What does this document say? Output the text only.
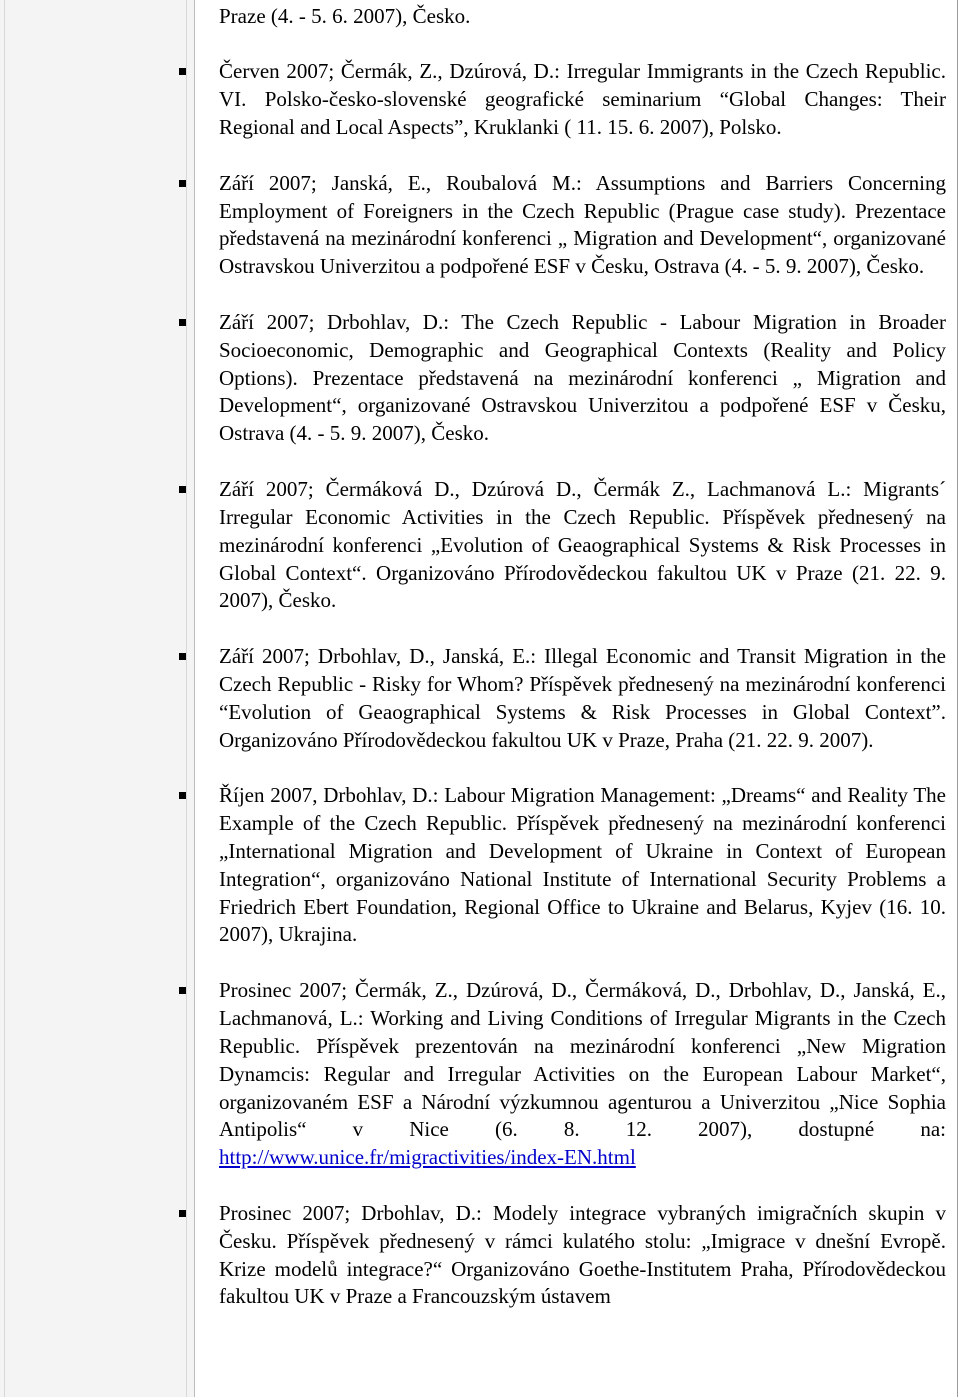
Praze (4. - 5. 6. 2007), Česko.

Červen 2007; Čermák, Z., Dzúrová, D.: Irregular Immigrants in the Czech Republic. VI. Polsko-česko-slovenské geografické seminarium “Global Changes: Their Regional and Local Aspects”, Kruklanki ( 11. 15. 6. 2007), Polsko.

Září 2007; Janská, E., Roubalová M.: Assumptions and Barriers Concerning Employment of Foreigners in the Czech Republic (Prague case study). Prezentace představená na mezinárodní konferenci „ Migration and Development“, organizované Ostravskou Univerzitou a podpořené ESF v Česku, Ostrava (4. - 5. 9. 2007), Česko.

Září 2007; Drbohlav, D.: The Czech Republic - Labour Migration in Broader Socioeconomic, Demographic and Geographical Contexts (Reality and Policy Options). Prezentace představená na mezinárodní konferenci „ Migration and Development“, organizované Ostravskou Univerzitou a podpořené ESF v Česku, Ostrava (4. - 5. 9. 2007), Česko.

Září 2007; Čermáková D., Dzúrová D., Čermák Z., Lachmanová L.: Migrants´ Irregular Economic Activities in the Czech Republic. Příspěvek přednesený na mezinárodní konferenci „Evolution of Geaographical Systems & Risk Processes in Global Context“. Organizováno Přírodovědeckou fakultou UK v Praze (21. 22. 9. 2007), Česko.

Září 2007; Drbohlav, D., Janská, E.: Illegal Economic and Transit Migration in the Czech Republic - Risky for Whom? Příspěvek přednesený na mezinárodní konferenci “Evolution of Geaographical Systems & Risk Processes in Global Context”. Organizováno Přírodovědeckou fakultou UK v Praze, Praha (21. 22. 9. 2007).

Říjen 2007, Drbohlav, D.: Labour Migration Management: „Dreams“ and Reality The Example of the Czech Republic. Příspěvek přednesený na mezinárodní konferenci „International Migration and Development of Ukraine in Context of European Integration“, organizováno National Institute of International Security Problems a Friedrich Ebert Foundation, Regional Office to Ukraine and Belarus, Kyjev (16. 10. 2007), Ukrajina.

Prosinec 2007; Čermák, Z., Dzúrová, D., Čermáková, D., Drbohlav, D., Janská, E., Lachmanová, L.: Working and Living Conditions of Irregular Migrants in the Czech Republic. Příspěvek prezentován na mezinárodní konferenci „New Migration Dynamcis: Regular and Irregular Activities on the European Labour Market“, organizovaném ESF a Národní výzkumnou agenturou a Univerzitou „Nice Sophia Antipolis“ v Nice (6. 8. 12. 2007), dostupné na: http://www.unice.fr/migractivities/index-EN.html

Prosinec 2007; Drbohlav, D.: Modely integrace vybraných imigračních skupin v Česku. Příspěvek přednesený v rámci kulatého stolu: „Imigrace v dnešní Evropě. Krize modelů integrace?“ Organizováno Goethe-Institutem Praha, Přírodovědeckou fakultou UK v Praze a Francouzským ústavem
